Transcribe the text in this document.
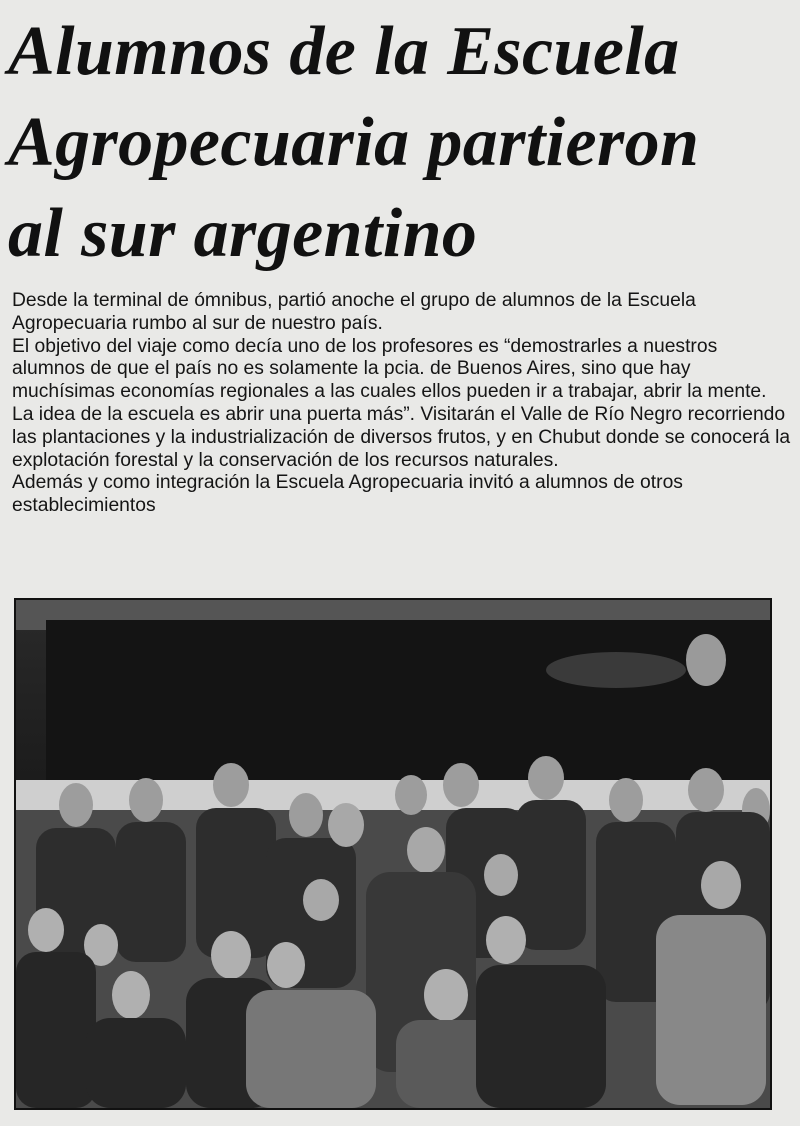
Alumnos de la Escuela
Agropecuaria partieron
al sur argentino

Desde la terminal de ómnibus, partió anoche el grupo de alumnos de la Escuela Agropecuaria rumbo al sur de nuestro país.

El objetivo del viaje como decía uno de los profesores es “demostrarles a nuestros alumnos de que el país no es solamente la pcia. de Buenos Aires, sino que hay muchísimas economías regionales a las cuales ellos pueden ir a trabajar, abrir la mente. La idea de la escuela es abrir una puerta más”. Visitarán el Valle de Río Negro recorriendo las plantaciones y la industrialización de diversos frutos, y en Chubut donde se conocerá la explotación forestal y la conservación de los recursos naturales.

Además y como integración la Escuela Agropecuaria invitó a alumnos de otros establecimientos
